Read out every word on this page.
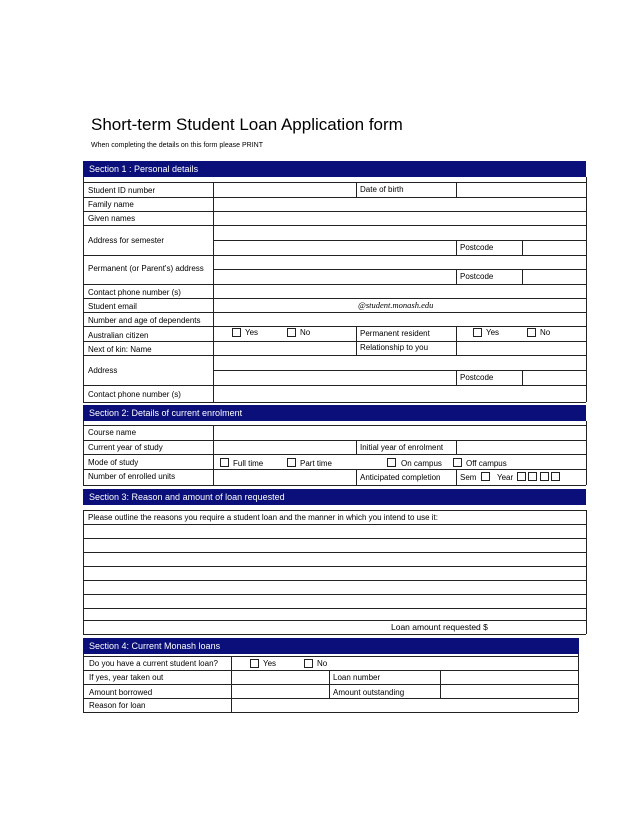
Short-term Student Loan Application form
When completing the details on this form please PRINT
Section 1 : Personal details
Student ID number	Date of birth
Family name
Given names
Address for semester
Postcode
Permanent (or Parent's) address
Postcode
Contact phone number (s)
Student email	@student.monash.edu
Number and age of dependents
Australian citizen	Yes	No	Permanent resident	Yes	No
Next of kin: Name	Relationship to you
Address
Postcode
Contact phone number (s)
Section 2: Details of current enrolment
Course name
Current year of study	Initial year of enrolment
Mode of study	Full time	Part time	On campus	Off campus
Number of enrolled units	Anticipated completion Sem	Year
Section 3: Reason and amount of loan requested
Please outline the reasons you require a student loan and the manner in which you intend to use it:
Loan amount requested $
Section 4: Current Monash loans
Do you have a current student loan?	Yes	No
If yes, year taken out	Loan number
Amount borrowed	Amount outstanding
Reason for loan
